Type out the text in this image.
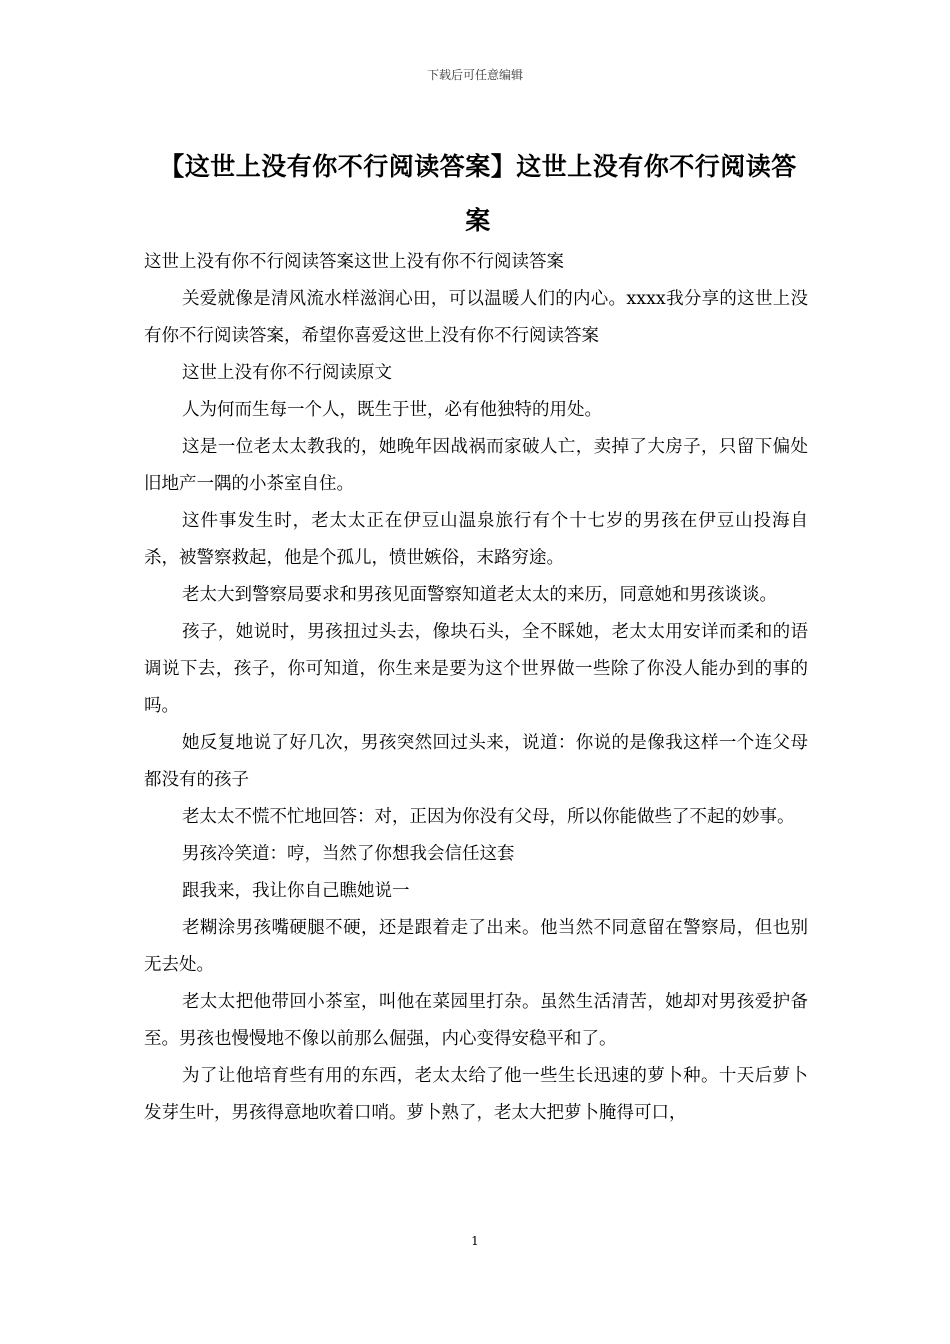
下载后可任意编辑
【这世上没有你不行阅读答案】这世上没有你不行阅读答案

这世上没有你不行阅读答案这世上没有你不行阅读答案

关爱就像是清风流水样滋润心田，可以温暖人们的内心。xxxx我分享的这世上没有你不行阅读答案，希望你喜爱这世上没有你不行阅读答案

这世上没有你不行阅读原文

人为何而生每一个人，既生于世，必有他独特的用处。

这是一位老太太教我的，她晚年因战祸而家破人亡，卖掉了大房子，只留下偏处旧地产一隅的小茶室自住。

这件事发生时，老太太正在伊豆山温泉旅行有个十七岁的男孩在伊豆山投海自杀，被警察救起，他是个孤儿，愤世嫉俗，末路穷途。

老太大到警察局要求和男孩见面警察知道老太太的来历，同意她和男孩谈谈。

孩子，她说时，男孩扭过头去，像块石头，全不睬她，老太太用安详而柔和的语调说下去，孩子，你可知道，你生来是要为这个世界做一些除了你没人能办到的事的吗。

她反复地说了好几次，男孩突然回过头来，说道：你说的是像我这样一个连父母都没有的孩子

老太太不慌不忙地回答：对，正因为你没有父母，所以你能做些了不起的妙事。

男孩冷笑道：哼，当然了你想我会信任这套

跟我来，我让你自己瞧她说一

老糊涂男孩嘴硬腿不硬，还是跟着走了出来。他当然不同意留在警察局，但也别无去处。

老太太把他带回小茶室，叫他在菜园里打杂。虽然生活清苦，她却对男孩爱护备至。男孩也慢慢地不像以前那么倔强，内心变得安稳平和了。

为了让他培育些有用的东西，老太太给了他一些生长迅速的萝卜种。十天后萝卜发芽生叶，男孩得意地吹着口哨。萝卜熟了，老太大把萝卜腌得可口，

1
